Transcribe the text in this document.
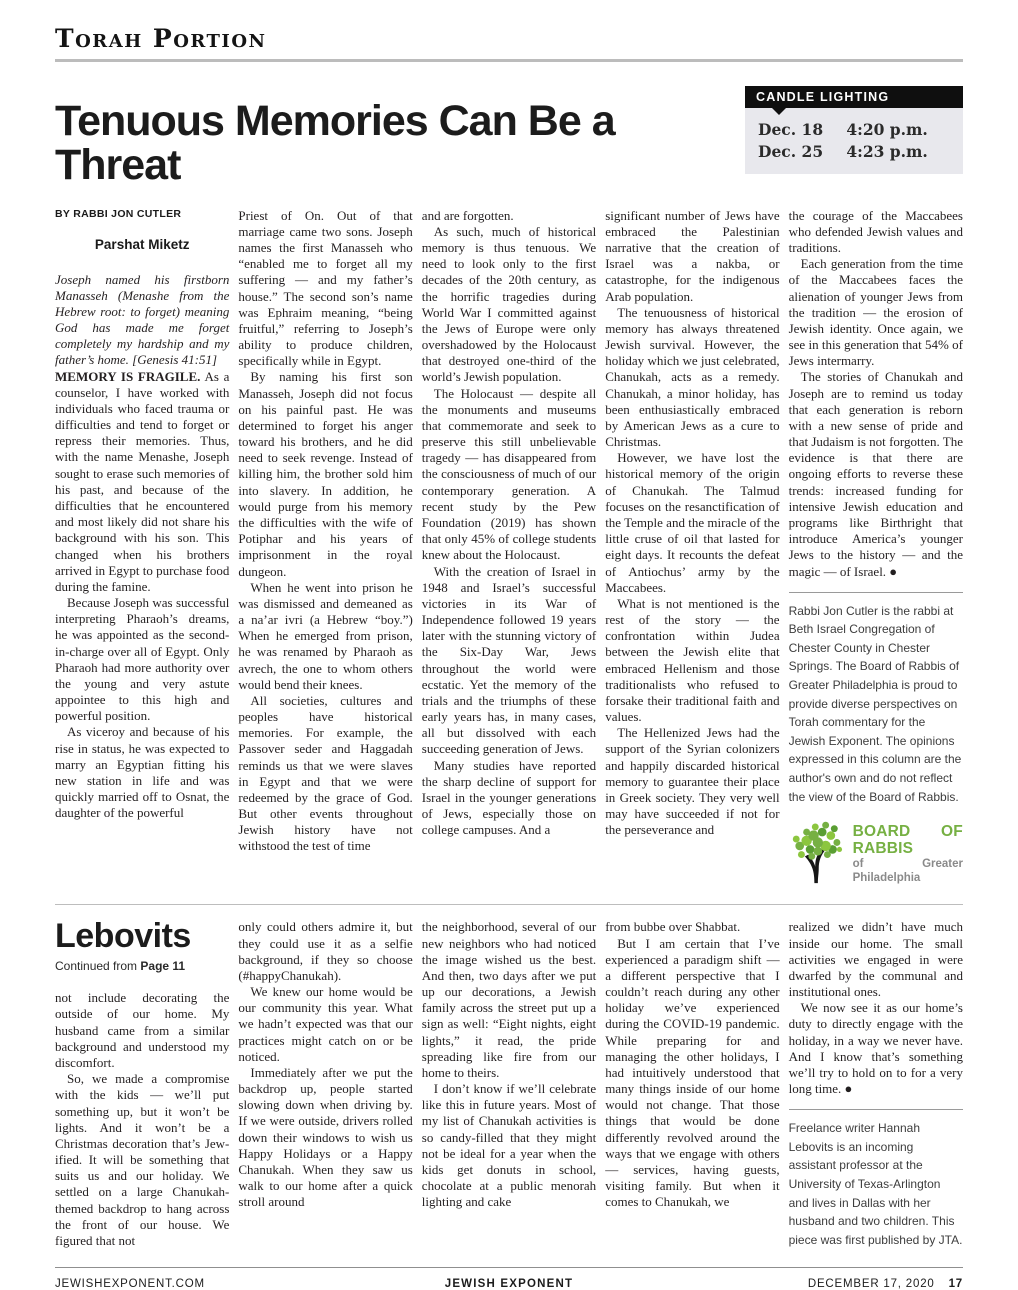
Torah Portion
Tenuous Memories Can Be a Threat
CANDLE LIGHTING
Dec. 18	4:20 p.m.
Dec. 25	4:23 p.m.
BY RABBI JON CUTLER
Parshat Miketz

Joseph named his firstborn Manasseh (Menashe from the Hebrew root: to forget) meaning God has made me forget completely my hardship and my father’s home. [Genesis 41:51]

MEMORY IS FRAGILE. As a counselor, I have worked with individuals who faced trauma or difficulties and tend to forget or repress their memories. Thus, with the name Menashe, Joseph sought to erase such memories of his past, and because of the difficulties that he encountered and most likely did not share his background with his son. This changed when his brothers arrived in Egypt to purchase food during the famine.

Because Joseph was successful interpreting Pharaoh’s dreams, he was appointed as the second-in-charge over all of Egypt. Only Pharaoh had more authority over the young and very astute appointee to this high and powerful position.

As viceroy and because of his rise in status, he was expected to marry an Egyptian fitting his new station in life and was quickly married off to Osnat, the daughter of the powerful

Priest of On. Out of that marriage came two sons. Joseph names the first Manasseh who “enabled me to forget all my suffering — and my father’s house.” The second son’s name was Ephraim meaning, “being fruitful,” referring to Joseph’s ability to produce children, specifically while in Egypt.

By naming his first son Manasseh, Joseph did not focus on his painful past. He was determined to forget his anger toward his brothers, and he did need to seek revenge. Instead of killing him, the brother sold him into slavery. In addition, he would purge from his memory the difficulties with the wife of Potiphar and his years of imprisonment in the royal dungeon.

When he went into prison he was dismissed and demeaned as a na’ar ivri (a Hebrew “boy.”) When he emerged from prison, he was renamed by Pharaoh as avrech, the one to whom others would bend their knees.

All societies, cultures and peoples have historical memories. For example, the Passover seder and Haggadah reminds us that we were slaves in Egypt and that we were redeemed by the grace of God. But other events throughout Jewish history have not withstood the test of time

and are forgotten.

As such, much of historical memory is thus tenuous. We need to look only to the first decades of the 20th century, as the horrific tragedies during World War I committed against the Jews of Europe were only overshadowed by the Holocaust that destroyed one-third of the world’s Jewish population.

The Holocaust — despite all the monuments and museums that commemorate and seek to preserve this still unbelievable tragedy — has disappeared from the consciousness of much of our contemporary generation. A recent study by the Pew Foundation (2019) has shown that only 45% of college students knew about the Holocaust.

With the creation of Israel in 1948 and Israel’s successful victories in its War of Independence followed 19 years later with the stunning victory of the Six-Day War, Jews throughout the world were ecstatic. Yet the memory of the trials and the triumphs of these early years has, in many cases, all but dissolved with each succeeding generation of Jews.

Many studies have reported the sharp decline of support for Israel in the younger generations of Jews, especially those on college campuses. And a

significant number of Jews have embraced the Palestinian narrative that the creation of Israel was a nakba, or catastrophe, for the indigenous Arab population.

The tenuousness of historical memory has always threatened Jewish survival. However, the holiday which we just celebrated, Chanukah, acts as a remedy. Chanukah, a minor holiday, has been enthusiastically embraced by American Jews as a cure to Christmas.

However, we have lost the historical memory of the origin of Chanukah. The Talmud focuses on the resanctification of the Temple and the miracle of the little cruse of oil that lasted for eight days. It recounts the defeat of Antiochus’ army by the Maccabees.

What is not mentioned is the rest of the story — the confrontation within Judea between the Jewish elite that embraced Hellenism and those traditionalists who refused to forsake their traditional faith and values.

The Hellenized Jews had the support of the Syrian colonizers and happily discarded historical memory to guarantee their place in Greek society. They very well may have succeeded if not for the perseverance and

the courage of the Maccabees who defended Jewish values and traditions.

Each generation from the time of the Maccabees faces the alienation of younger Jews from the tradition — the erosion of Jewish identity. Once again, we see in this generation that 54% of Jews intermarry.

The stories of Chanukah and Joseph are to remind us today that each generation is reborn with a new sense of pride and that Judaism is not forgotten. The evidence is that there are ongoing efforts to reverse these trends: increased funding for intensive Jewish education and programs like Birthright that introduce America’s younger Jews to the history — and the magic — of Israel. ●

Rabbi Jon Cutler is the rabbi at Beth Israel Congregation of Chester County in Chester Springs. The Board of Rabbis of Greater Philadelphia is proud to provide diverse perspectives on Torah commentary for the Jewish Exponent. The opinions expressed in this column are the author's own and do not reflect the view of the Board of Rabbis.
BOARD OF RABBIS
of Greater Philadelphia
Lebovits
Continued from Page 11

not include decorating the outside of our home. My husband came from a similar background and understood my discomfort.

So, we made a compromise with the kids — we’ll put something up, but it won’t be lights. And it won’t be a Christmas decoration that’s Jew-ified. It will be something that suits us and our holiday. We settled on a large Chanukah-themed backdrop to hang across the front of our house. We figured that not

only could others admire it, but they could use it as a selfie background, if they so choose (#happyChanukah).

We knew our home would be our community this year. What we hadn’t expected was that our practices might catch on or be noticed.

Immediately after we put the backdrop up, people started slowing down when driving by. If we were outside, drivers rolled down their windows to wish us Happy Holidays or a Happy Chanukah. When they saw us walk to our home after a quick stroll around

the neighborhood, several of our new neighbors who had noticed the image wished us the best. And then, two days after we put up our decorations, a Jewish family across the street put up a sign as well: “Eight nights, eight lights,” it read, the pride spreading like fire from our home to theirs.

I don’t know if we’ll celebrate like this in future years. Most of my list of Chanukah activities is so candy-filled that they might not be ideal for a year when the kids get donuts in school, chocolate at a public menorah lighting and cake

from bubbe over Shabbat.

But I am certain that I’ve experienced a paradigm shift — a different perspective that I couldn’t reach during any other holiday we’ve experienced during the COVID-19 pandemic. While preparing for and managing the other holidays, I had intuitively understood that many things inside of our home would not change. That those things that would be done differently revolved around the ways that we engage with others — services, having guests, visiting family. But when it comes to Chanukah, we

realized we didn’t have much inside our home. The small activities we engaged in were dwarfed by the communal and institutional ones.

We now see it as our home’s duty to directly engage with the holiday, in a way we never have. And I know that’s something we’ll try to hold on to for a very long time. ●

Freelance writer Hannah Lebovits is an incoming assistant professor at the University of Texas-Arlington and lives in Dallas with her husband and two children. This piece was first published by JTA.
JEWISHEXPONENT.COM	JEWISH EXPONENT	DECEMBER 17, 2020 17
